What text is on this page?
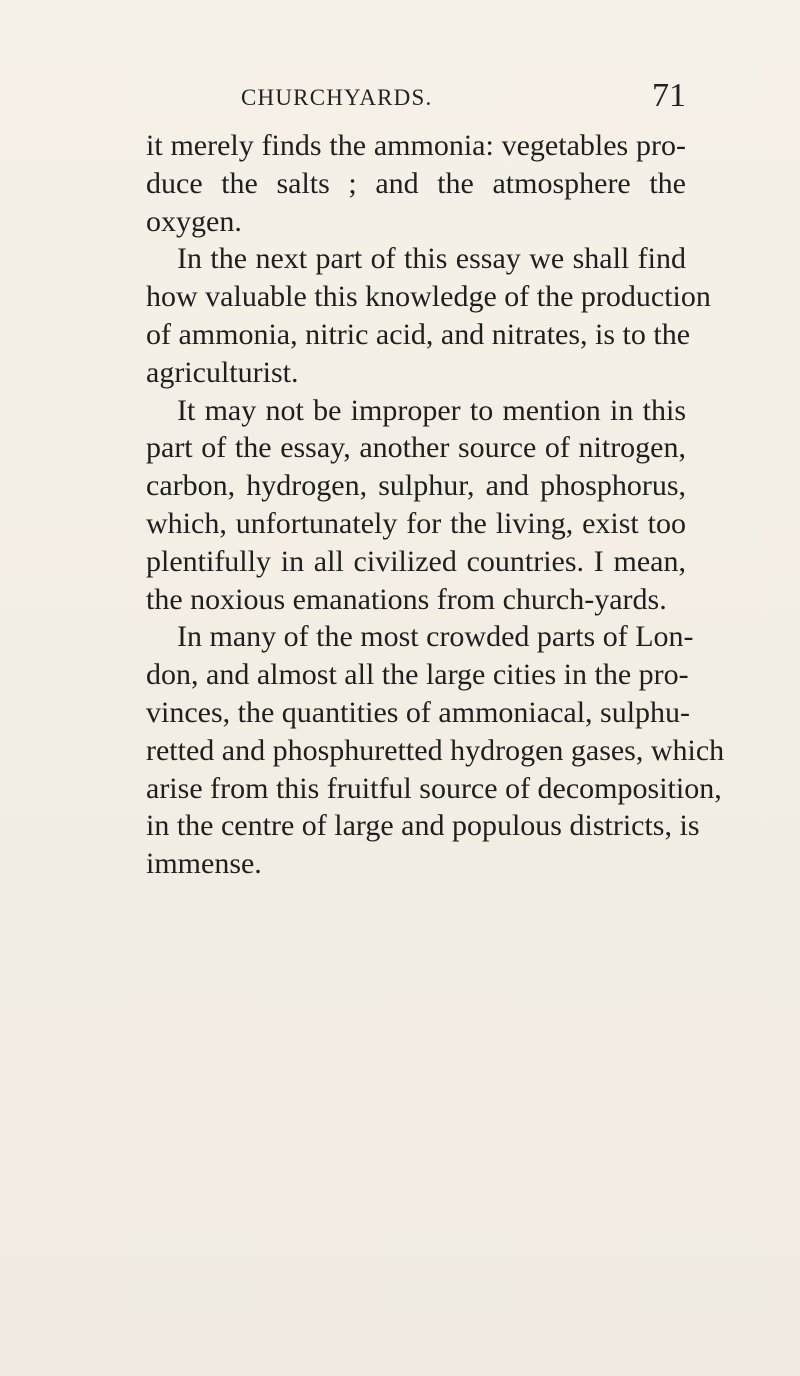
CHURCHYARDS.	71
it merely finds the ammonia: vegetables pro-
duce the salts ; and the atmosphere the
oxygen.
In the next part of this essay we shall find
how valuable this knowledge of the production
of ammonia, nitric acid, and nitrates, is to the
agriculturist.
It may not be improper to mention in this
part of the essay, another source of nitrogen,
carbon, hydrogen, sulphur, and phosphorus,
which, unfortunately for the living, exist too
plentifully in all civilized countries. I mean,
the noxious emanations from church-yards.
In many of the most crowded parts of Lon-
don, and almost all the large cities in the pro-
vinces, the quantities of ammoniacal, sulphu-
retted and phosphuretted hydrogen gases, which
arise from this fruitful source of decomposition,
in the centre of large and populous districts, is
immense.
